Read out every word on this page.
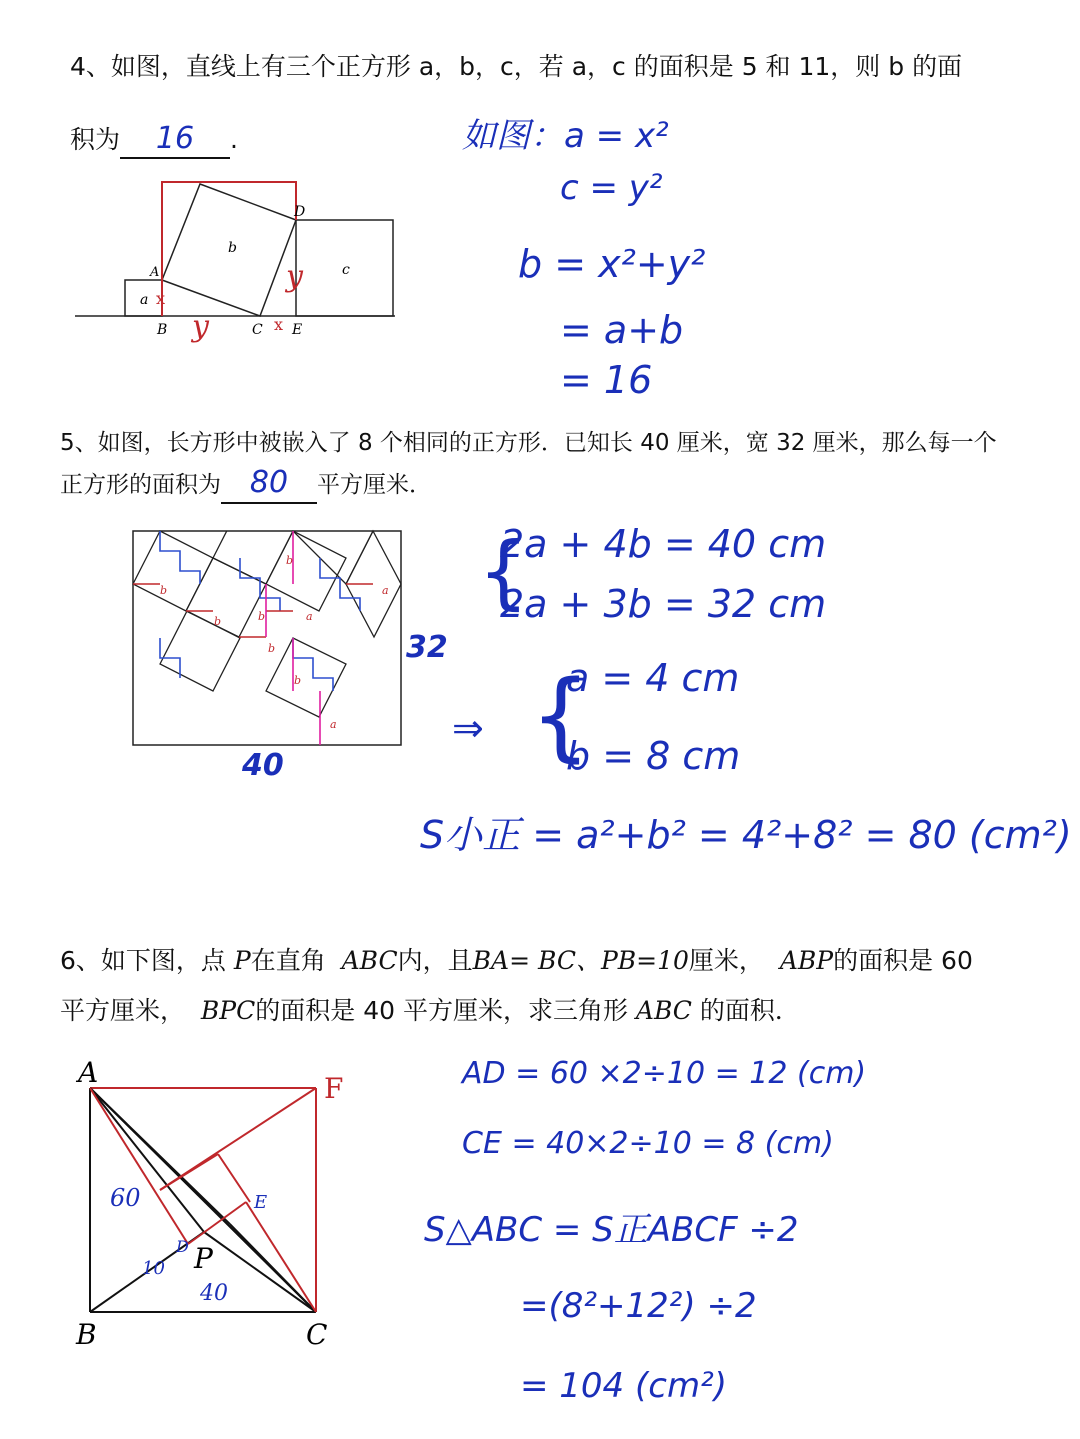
4、如图，直线上有三个正方形 a，b，c，若 a，c 的面积是 5 和 11，则 b 的面
积为 16 .
A
B	C
D
E
a
b
c
x
x
y
y
如图：a = x²
c = y²
b = x²+y²
= a+b
= 16
5、如图，长方形中被嵌入了 8 个相同的正方形．已知长 40 厘米，宽 32 厘米，那么每一个
正方形的面积为 80 平方厘米．
b
b
b	b
b
b
a
a
a
32
40
{
2a + 4b = 40 cm
2a + 3b = 32 cm
⇒ {
a = 4 cm
b = 8 cm
S小正 = a²+b² = 4²+8² = 80 (cm²)
6、如下图，点 P在直角 ABC内，且BA= BC、PB=10厘米， ABP的面积是 60
平方厘米， BPC的面积是 40 平方厘米，求三角形 ABC 的面积．
A
B	C
P
F
E
D
60
40
10
AD = 60 ×2÷10 = 12 (cm)
CE = 40×2÷10 = 8 (cm)
S△ABC = S正ABCF ÷2
=(8²+12²) ÷2
= 104 (cm²)
